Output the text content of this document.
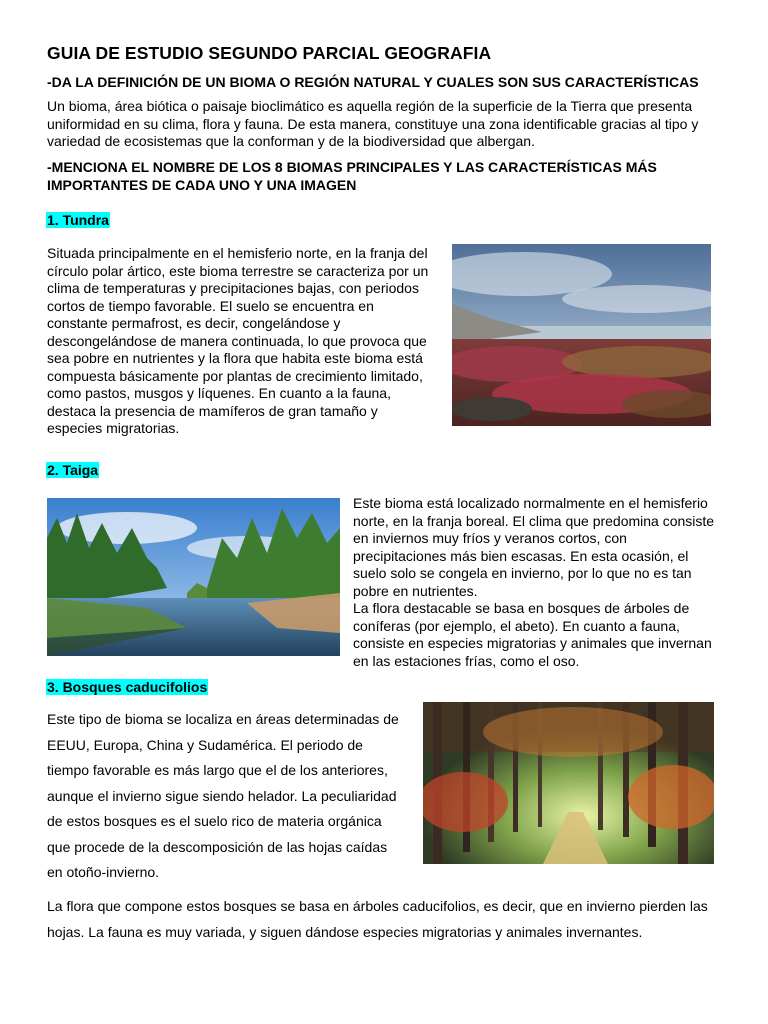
GUIA DE ESTUDIO SEGUNDO PARCIAL GEOGRAFIA
-DA LA DEFINICIÓN DE UN BIOMA O REGIÓN NATURAL Y CUALES SON SUS CARACTERÍSTICAS
Un bioma, área biótica o paisaje bioclimático es aquella región de la superficie de la Tierra que presenta
uniformidad en su clima, flora y fauna. De esta manera, constituye una zona identificable gracias al tipo y
variedad de ecosistemas que la conforman y de la biodiversidad que albergan.
-MENCIONA EL NOMBRE DE LOS 8 BIOMAS PRINCIPALES Y LAS CARACTERÍSTICAS MÁS
IMPORTANTES DE CADA UNO Y UNA IMAGEN
1. Tundra
Situada principalmente en el hemisferio norte, en la franja del
círculo polar ártico, este bioma terrestre se caracteriza por un
clima de temperaturas y precipitaciones bajas, con periodos
cortos de tiempo favorable. El suelo se encuentra en
constante permafrost, es decir, congelándose y
descongelándose de manera continuada, lo que provoca que
sea pobre en nutrientes y la flora que habita este bioma está
compuesta básicamente por plantas de crecimiento limitado,
como pastos, musgos y líquenes. En cuanto a la fauna,
destaca la presencia de mamíferos de gran tamaño y
especies migratorias.
2. Taiga
Este bioma está localizado normalmente en el hemisferio
norte, en la franja boreal. El clima que predomina consiste
en inviernos muy fríos y veranos cortos, con
precipitaciones más bien escasas. En esta ocasión, el
suelo solo se congela en invierno, por lo que no es tan
pobre en nutrientes.
La flora destacable se basa en bosques de árboles de
coníferas (por ejemplo, el abeto). En cuanto a fauna,
consiste en especies migratorias y animales que invernan
en las estaciones frías, como el oso.
3. Bosques caducifolios
Este tipo de bioma se localiza en áreas determinadas de
EEUU, Europa, China y Sudamérica. El periodo de
tiempo favorable es más largo que el de los anteriores,
aunque el invierno sigue siendo helador. La peculiaridad
de estos bosques es el suelo rico de materia orgánica
que procede de la descomposición de las hojas caídas
en otoño-invierno.
La flora que compone estos bosques se basa en árboles caducifolios, es decir, que en invierno pierden las
hojas. La fauna es muy variada, y siguen dándose especies migratorias y animales invernantes.
